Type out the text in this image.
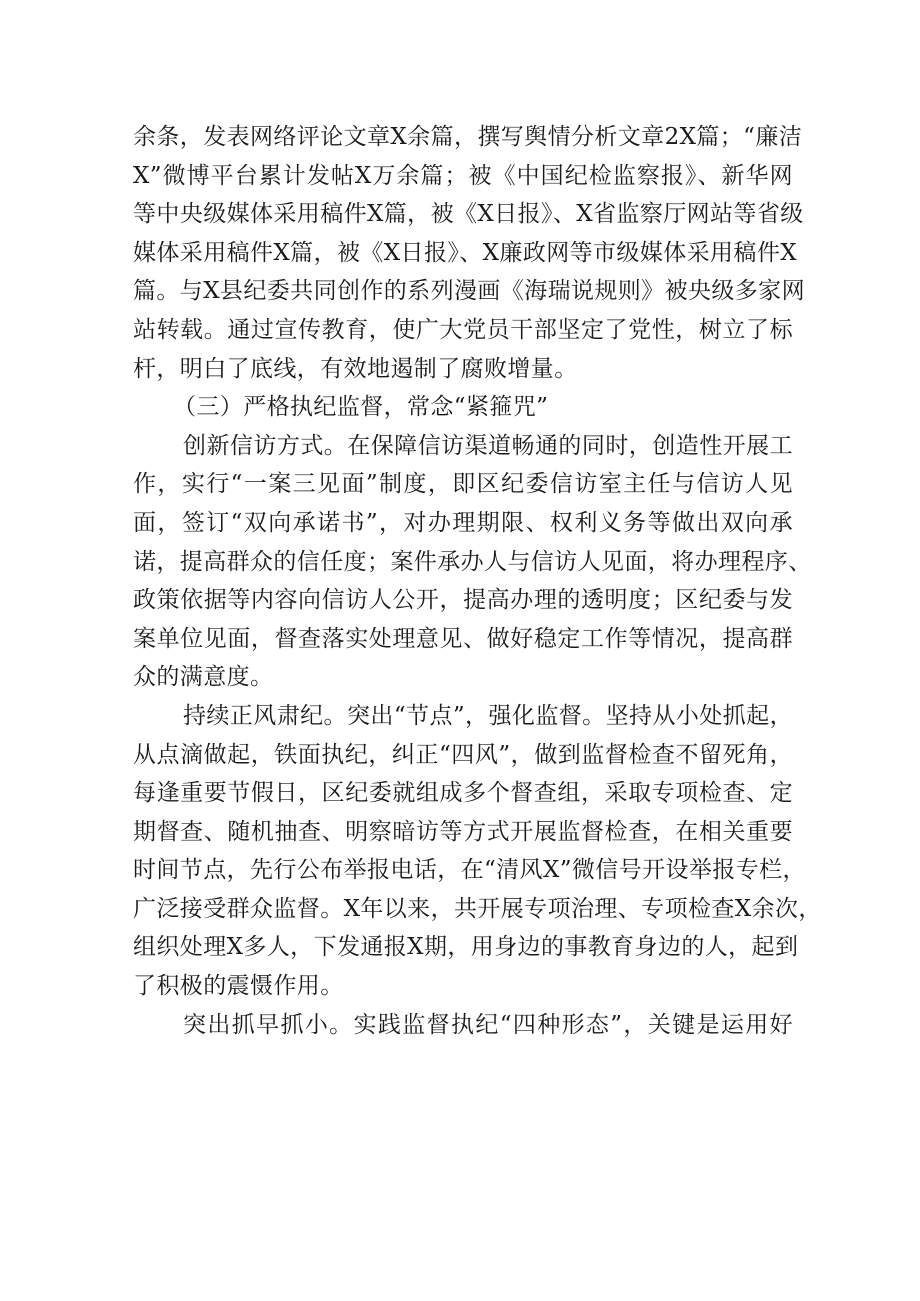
余条，发表网络评论文章X余篇，撰写舆情分析文章2X篇；“廉洁
X”微博平台累计发帖X万余篇；被《中国纪检监察报》、新华网
等中央级媒体采用稿件X篇，被《X日报》、X省监察厅网站等省级
媒体采用稿件X篇，被《X日报》、X廉政网等市级媒体采用稿件X
篇。与X县纪委共同创作的系列漫画《海瑞说规则》被央级多家网
站转载。通过宣传教育，使广大党员干部坚定了党性，树立了标
杆，明白了底线，有效地遏制了腐败增量。
（三）严格执纪监督，常念“紧箍咒”
创新信访方式。在保障信访渠道畅通的同时，创造性开展工
作，实行“一案三见面”制度，即区纪委信访室主任与信访人见
面，签订“双向承诺书”，对办理期限、权利义务等做出双向承
诺，提高群众的信任度；案件承办人与信访人见面，将办理程序、
政策依据等内容向信访人公开，提高办理的透明度；区纪委与发
案单位见面，督查落实处理意见、做好稳定工作等情况，提高群
众的满意度。
持续正风肃纪。突出“节点”，强化监督。坚持从小处抓起，
从点滴做起，铁面执纪，纠正“四风”，做到监督检查不留死角，
每逢重要节假日，区纪委就组成多个督查组，采取专项检查、定
期督查、随机抽查、明察暗访等方式开展监督检查，在相关重要
时间节点，先行公布举报电话，在“清风X”微信号开设举报专栏，
广泛接受群众监督。X年以来，共开展专项治理、专项检查X余次，
组织处理X多人，下发通报X期，用身边的事教育身边的人，起到
了积极的震慑作用。
突出抓早抓小。实践监督执纪“四种形态”，关键是运用好
